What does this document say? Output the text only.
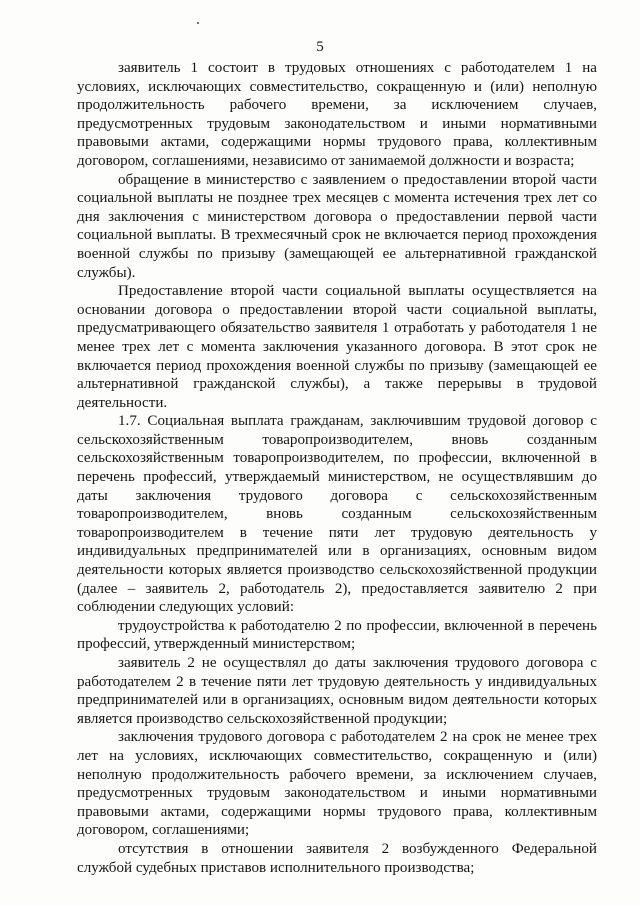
5

заявитель 1 состоит в трудовых отношениях с работодателем 1 на условиях, исключающих совместительство, сокращенную и (или) неполную продолжительность рабочего времени, за исключением случаев, предусмотренных трудовым законодательством и иными нормативными правовыми актами, содержащими нормы трудового права, коллективным договором, соглашениями, независимо от занимаемой должности и возраста;

обращение в министерство с заявлением о предоставлении второй части социальной выплаты не позднее трех месяцев с момента истечения трех лет со дня заключения с министерством договора о предоставлении первой части социальной выплаты. В трехмесячный срок не включается период прохождения военной службы по призыву (замещающей ее альтернативной гражданской службы).

Предоставление второй части социальной выплаты осуществляется на основании договора о предоставлении второй части социальной выплаты, предусматривающего обязательство заявителя 1 отработать у работодателя 1 не менее трех лет с момента заключения указанного договора. В этот срок не включается период прохождения военной службы по призыву (замещающей ее альтернативной гражданской службы), а также перерывы в трудовой деятельности.

1.7. Социальная выплата гражданам, заключившим трудовой договор с сельскохозяйственным товаропроизводителем, вновь созданным сельскохозяйственным товаропроизводителем, по профессии, включенной в перечень профессий, утверждаемый министерством, не осуществлявшим до даты заключения трудового договора с сельскохозяйственным товаропроизводителем, вновь созданным сельскохозяйственным товаропроизводителем в течение пяти лет трудовую деятельность у индивидуальных предпринимателей или в организациях, основным видом деятельности которых является производство сельскохозяйственной продукции (далее – заявитель 2, работодатель 2), предоставляется заявителю 2 при соблюдении следующих условий:

трудоустройства к работодателю 2 по профессии, включенной в перечень профессий, утвержденный министерством;

заявитель 2 не осуществлял до даты заключения трудового договора с работодателем 2 в течение пяти лет трудовую деятельность у индивидуальных предпринимателей или в организациях, основным видом деятельности которых является производство сельскохозяйственной продукции;

заключения трудового договора с работодателем 2 на срок не менее трех лет на условиях, исключающих совместительство, сокращенную и (или) неполную продолжительность рабочего времени, за исключением случаев, предусмотренных трудовым законодательством и иными нормативными правовыми актами, содержащими нормы трудового права, коллективным договором, соглашениями;

отсутствия в отношении заявителя 2 возбужденного Федеральной службой судебных приставов исполнительного производства;
